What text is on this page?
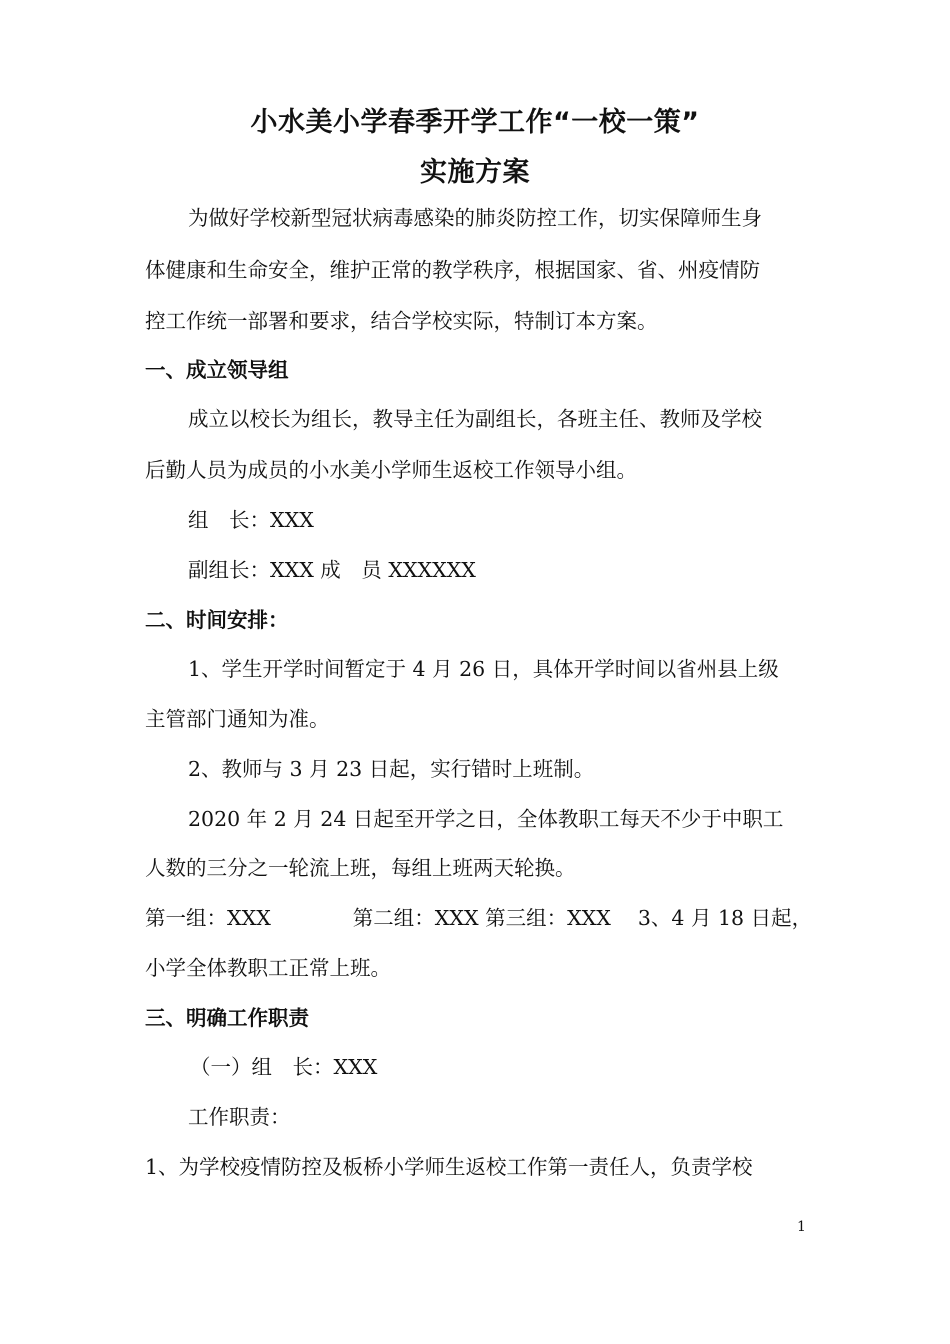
小水美小学春季开学工作“一校一策”
实施方案
为做好学校新型冠状病毒感染的肺炎防控工作，切实保障师生身
体健康和生命安全，维护正常的教学秩序，根据国家、省、州疫情防
控工作统一部署和要求，结合学校实际，特制订本方案。
一、成立领导组
成立以校长为组长，教导主任为副组长，各班主任、教师及学校
后勤人员为成员的小水美小学师生返校工作领导小组。
组　长：XXX
副组长：XXX 成　员 XXXXXX
二、时间安排：
1、学生开学时间暂定于 4 月 26 日，具体开学时间以省州县上级
主管部门通知为准。
2、教师与 3 月 23 日起，实行错时上班制。
2020 年 2 月 24 日起至开学之日，全体教职工每天不少于中职工
人数的三分之一轮流上班，每组上班两天轮换。
第一组：XXX　　　　第二组：XXX 第三组：XXX　 3、4 月 18 日起，
小学全体教职工正常上班。
三、明确工作职责
（一）组　长：XXX
工作职责：
1、为学校疫情防控及板桥小学师生返校工作第一责任人，负责学校
1
